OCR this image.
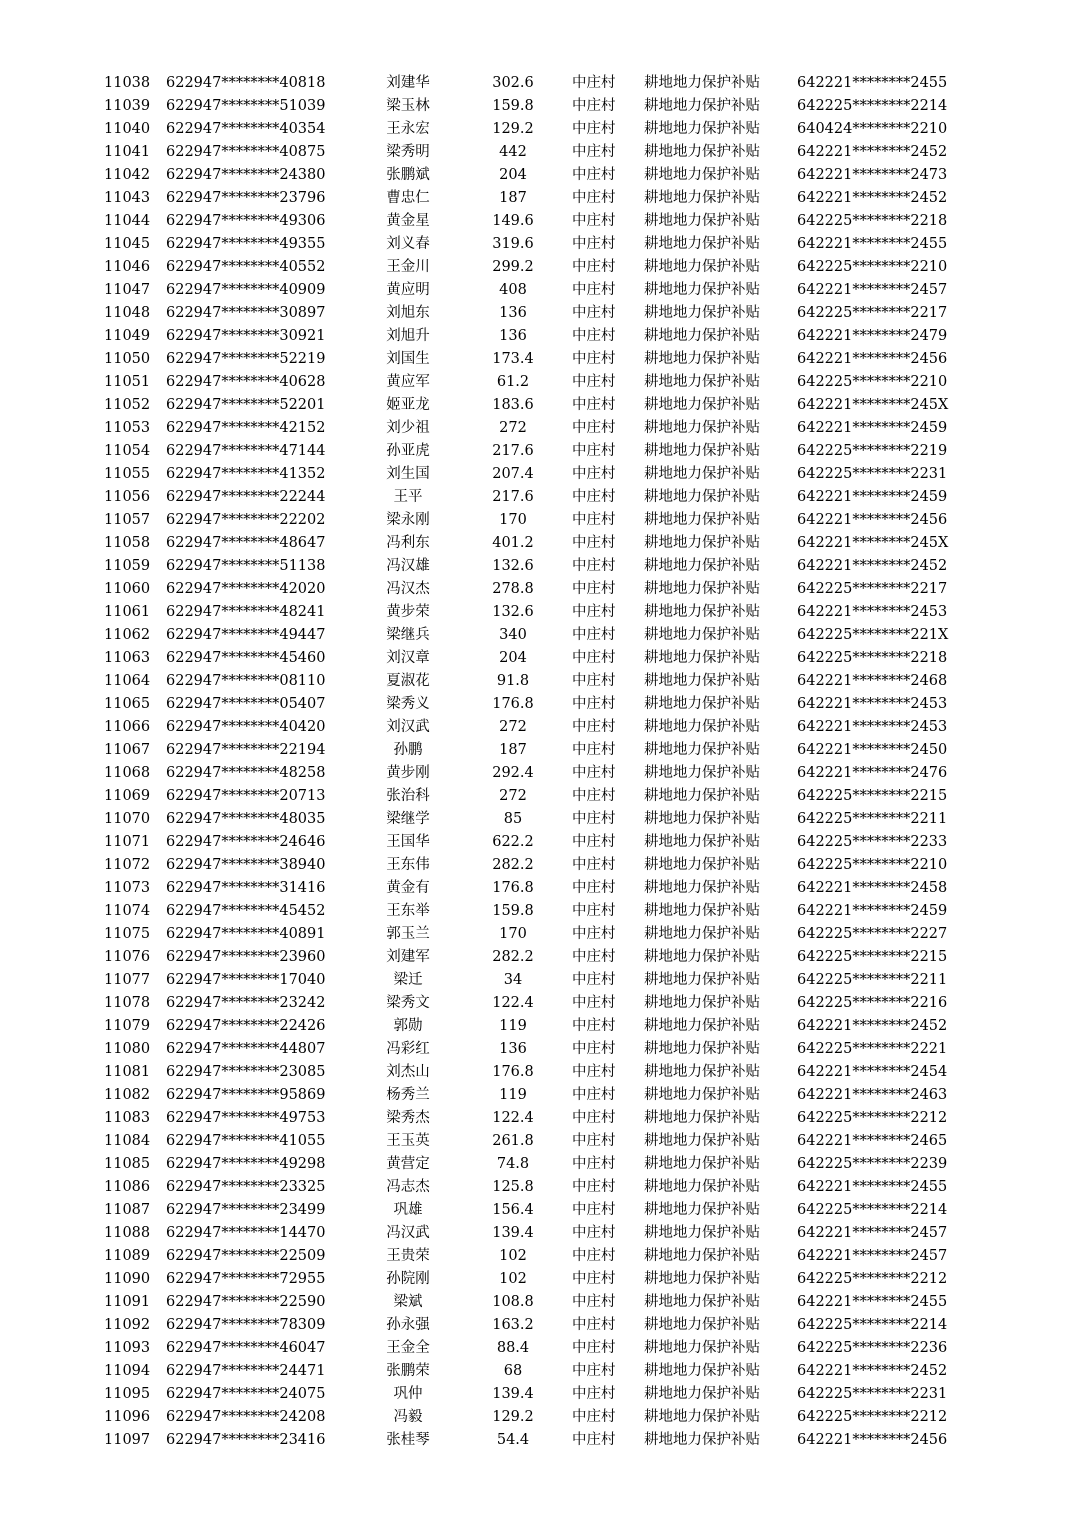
11038 622947********40818	刘建华	302.6	中庄村 耕地地力保护补贴	642221********2455
11039 622947********51039	梁玉林	159.8	中庄村 耕地地力保护补贴	642225********2214
11040 622947********40354	王永宏	129.2	中庄村 耕地地力保护补贴	640424********2210
11041 622947********40875	梁秀明	442	中庄村 耕地地力保护补贴	642221********2452
11042 622947********24380	张鹏斌	204	中庄村 耕地地力保护补贴	642221********2473
11043 622947********23796	曹忠仁	187	中庄村 耕地地力保护补贴	642221********2452
11044 622947********49306	黄金星	149.6	中庄村 耕地地力保护补贴	642225********2218
11045 622947********49355	刘义春	319.6	中庄村 耕地地力保护补贴	642221********2455
11046 622947********40552	王金川	299.2	中庄村 耕地地力保护补贴	642225********2210
11047 622947********40909	黄应明	408	中庄村 耕地地力保护补贴	642221********2457
11048 622947********30897	刘旭东	136	中庄村 耕地地力保护补贴	642225********2217
11049 622947********30921	刘旭升	136	中庄村 耕地地力保护补贴	642221********2479
11050 622947********52219	刘国生	173.4	中庄村 耕地地力保护补贴	642221********2456
11051 622947********40628	黄应军	61.2	中庄村 耕地地力保护补贴	642225********2210
11052 622947********52201	姬亚龙	183.6	中庄村 耕地地力保护补贴	642221********245X
11053 622947********42152	刘少祖	272	中庄村 耕地地力保护补贴	642221********2459
11054 622947********47144	孙亚虎	217.6	中庄村 耕地地力保护补贴	642225********2219
11055 622947********41352	刘生国	207.4	中庄村 耕地地力保护补贴	642225********2231
11056 622947********22244	王平	217.6	中庄村 耕地地力保护补贴	642221********2459
11057 622947********22202	梁永刚	170	中庄村 耕地地力保护补贴	642221********2456
11058 622947********48647	冯利东	401.2	中庄村 耕地地力保护补贴	642221********245X
11059 622947********51138	冯汉雄	132.6	中庄村 耕地地力保护补贴	642221********2452
11060 622947********42020	冯汉杰	278.8	中庄村 耕地地力保护补贴	642225********2217
11061 622947********48241	黄步荣	132.6	中庄村 耕地地力保护补贴	642221********2453
11062 622947********49447	梁继兵	340	中庄村 耕地地力保护补贴	642225********221X
11063 622947********45460	刘汉章	204	中庄村 耕地地力保护补贴	642225********2218
11064 622947********08110	夏淑花	91.8	中庄村 耕地地力保护补贴	642221********2468
11065 622947********05407	梁秀义	176.8	中庄村 耕地地力保护补贴	642221********2453
11066 622947********40420	刘汉武	272	中庄村 耕地地力保护补贴	642221********2453
11067 622947********22194	孙鹏	187	中庄村 耕地地力保护补贴	642221********2450
11068 622947********48258	黄步刚	292.4	中庄村 耕地地力保护补贴	642221********2476
11069 622947********20713	张治科	272	中庄村 耕地地力保护补贴	642225********2215
11070 622947********48035	梁继学	85	中庄村 耕地地力保护补贴	642225********2211
11071 622947********24646	王国华	622.2	中庄村 耕地地力保护补贴	642225********2233
11072 622947********38940	王东伟	282.2	中庄村 耕地地力保护补贴	642225********2210
11073 622947********31416	黄金有	176.8	中庄村 耕地地力保护补贴	642221********2458
11074 622947********45452	王东举	159.8	中庄村 耕地地力保护补贴	642221********2459
11075 622947********40891	郭玉兰	170	中庄村 耕地地力保护补贴	642225********2227
11076 622947********23960	刘建军	282.2	中庄村 耕地地力保护补贴	642225********2215
11077 622947********17040	梁迁	34	中庄村 耕地地力保护补贴	642225********2211
11078 622947********23242	梁秀文	122.4	中庄村 耕地地力保护补贴	642225********2216
11079 622947********22426	郭勋	119	中庄村 耕地地力保护补贴	642221********2452
11080 622947********44807	冯彩红	136	中庄村 耕地地力保护补贴	642225********2221
11081 622947********23085	刘杰山	176.8	中庄村 耕地地力保护补贴	642221********2454
11082 622947********95869	杨秀兰	119	中庄村 耕地地力保护补贴	642221********2463
11083 622947********49753	梁秀杰	122.4	中庄村 耕地地力保护补贴	642225********2212
11084 622947********41055	王玉英	261.8	中庄村 耕地地力保护补贴	642221********2465
11085 622947********49298	黄营定	74.8	中庄村 耕地地力保护补贴	642225********2239
11086 622947********23325	冯志杰	125.8	中庄村 耕地地力保护补贴	642221********2455
11087 622947********23499	巩雄	156.4	中庄村 耕地地力保护补贴	642225********2214
11088 622947********14470	冯汉武	139.4	中庄村 耕地地力保护补贴	642221********2457
11089 622947********22509	王贵荣	102	中庄村 耕地地力保护补贴	642221********2457
11090 622947********72955	孙院刚	102	中庄村 耕地地力保护补贴	642225********2212
11091 622947********22590	梁斌	108.8	中庄村 耕地地力保护补贴	642221********2455
11092 622947********78309	孙永强	163.2	中庄村 耕地地力保护补贴	642225********2214
11093 622947********46047	王金全	88.4	中庄村 耕地地力保护补贴	642225********2236
11094 622947********24471	张鹏荣	68	中庄村 耕地地力保护补贴	642221********2452
11095 622947********24075	巩仲	139.4	中庄村 耕地地力保护补贴	642225********2231
11096 622947********24208	冯毅	129.2	中庄村 耕地地力保护补贴	642225********2212
11097 622947********23416	张桂琴	54.4	中庄村 耕地地力保护补贴	642221********2456
